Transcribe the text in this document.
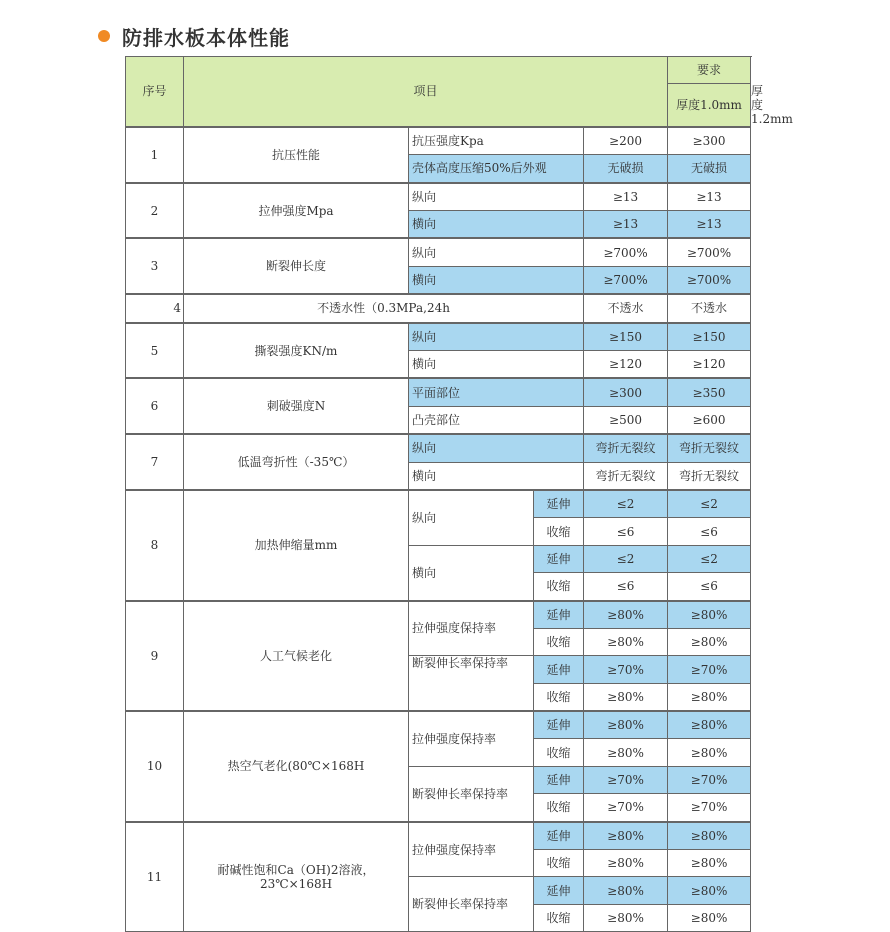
防排水板本体性能
序号	项目				要求	
					厚度1.0mm	厚度1.2mm
1	抗压性能	抗压强度Kpa		≥200	≥300	
		壳体高度压缩50%后外观		无破损	无破损	
2	拉伸强度Mpa	纵向		≥13	≥13	
		横向		≥13	≥13	
3	断裂伸长度	纵向		≥700%	≥700%	
		横向		≥700%	≥700%	
4	不透水性（0.3MPa,24h			不透水	不透水	
5	撕裂强度KN/m	纵向		≥150	≥150	
		横向		≥120	≥120	
6	刺破强度N	平面部位		≥300	≥350	
		凸壳部位		≥500	≥600	
7	低温弯折性（-35℃）	纵向		弯折无裂纹	弯折无裂纹	
		横向		弯折无裂纹	弯折无裂纹	
8	加热伸缩量mm	纵向	延伸	≤2	≤2	
			收缩	≤6	≤6	
		横向	延伸	≤2	≤2	
			收缩	≤6	≤6	
9	人工气候老化	拉伸强度保持率	延伸	≥80%	≥80%	
			收缩	≥80%	≥80%	
		断裂伸长率保持率	延伸	≥70%	≥70%	
			收缩	≥80%	≥80%	
10	热空气老化(80℃×168H	拉伸强度保持率	延伸	≥80%	≥80%	
			收缩	≥80%	≥80%	
		断裂伸长率保持率	延伸	≥70%	≥70%	
			收缩	≥70%	≥70%	
11	耐碱性饱和Ca（OH)2溶液，23℃×168H	拉伸强度保持率	延伸	≥80%	≥80%	
			收缩	≥80%	≥80%	
		断裂伸长率保持率	延伸	≥80%	≥80%	
			收缩	≥80%	≥80%	
